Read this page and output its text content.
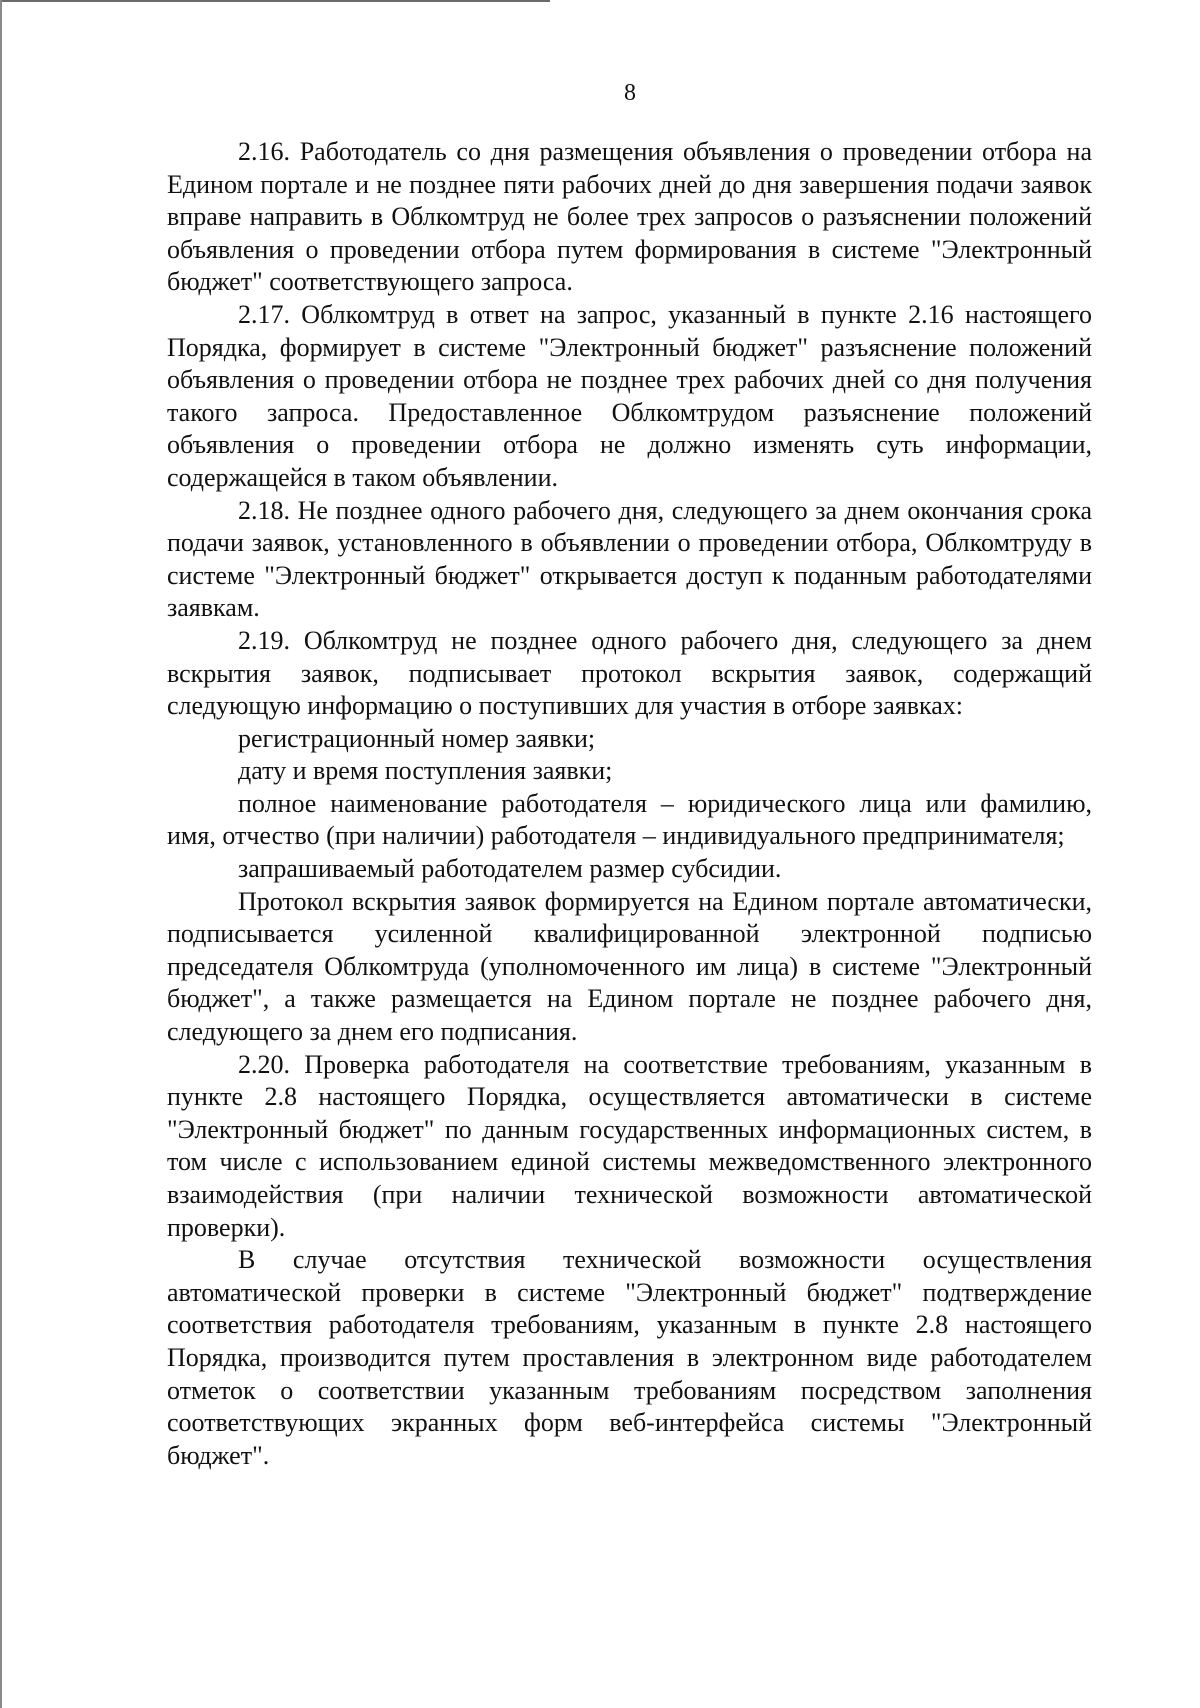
8

2.16. Работодатель со дня размещения объявления о проведении отбора на Едином портале и не позднее пяти рабочих дней до дня завершения подачи заявок вправе направить в Облкомтруд не более трех запросов о разъяснении положений объявления о проведении отбора путем формирования в системе "Электронный бюджет" соответствующего запроса.

2.17. Облкомтруд в ответ на запрос, указанный в пункте 2.16 настоящего Порядка, формирует в системе "Электронный бюджет" разъяснение положений объявления о проведении отбора не позднее трех рабочих дней со дня получения такого запроса. Предоставленное Облкомтрудом разъяснение положений объявления о проведении отбора не должно изменять суть информации, содержащейся в таком объявлении.

2.18. Не позднее одного рабочего дня, следующего за днем окончания срока подачи заявок, установленного в объявлении о проведении отбора, Облкомтруду в системе "Электронный бюджет" открывается доступ к поданным работодателями заявкам.

2.19. Облкомтруд не позднее одного рабочего дня, следующего за днем вскрытия заявок, подписывает протокол вскрытия заявок, содержащий следующую информацию о поступивших для участия в отборе заявках:

регистрационный номер заявки;

дату и время поступления заявки;

полное наименование работодателя – юридического лица или фамилию, имя, отчество (при наличии) работодателя – индивидуального предпринимателя;

запрашиваемый работодателем размер субсидии.

Протокол вскрытия заявок формируется на Едином портале автоматически, подписывается усиленной квалифицированной электронной подписью председателя Облкомтруда (уполномоченного им лица) в системе "Электронный бюджет", а также размещается на Едином портале не позднее рабочего дня, следующего за днем его подписания.

2.20. Проверка работодателя на соответствие требованиям, указанным в пункте 2.8 настоящего Порядка, осуществляется автоматически в системе "Электронный бюджет" по данным государственных информационных систем, в том числе с использованием единой системы межведомственного электронного взаимодействия (при наличии технической возможности автоматической проверки).

В случае отсутствия технической возможности осуществления автоматической проверки в системе "Электронный бюджет" подтверждение соответствия работодателя требованиям, указанным в пункте 2.8 настоящего Порядка, производится путем проставления в электронном виде работодателем отметок о соответствии указанным требованиям посредством заполнения соответствующих экранных форм веб-интерфейса системы "Электронный бюджет".
